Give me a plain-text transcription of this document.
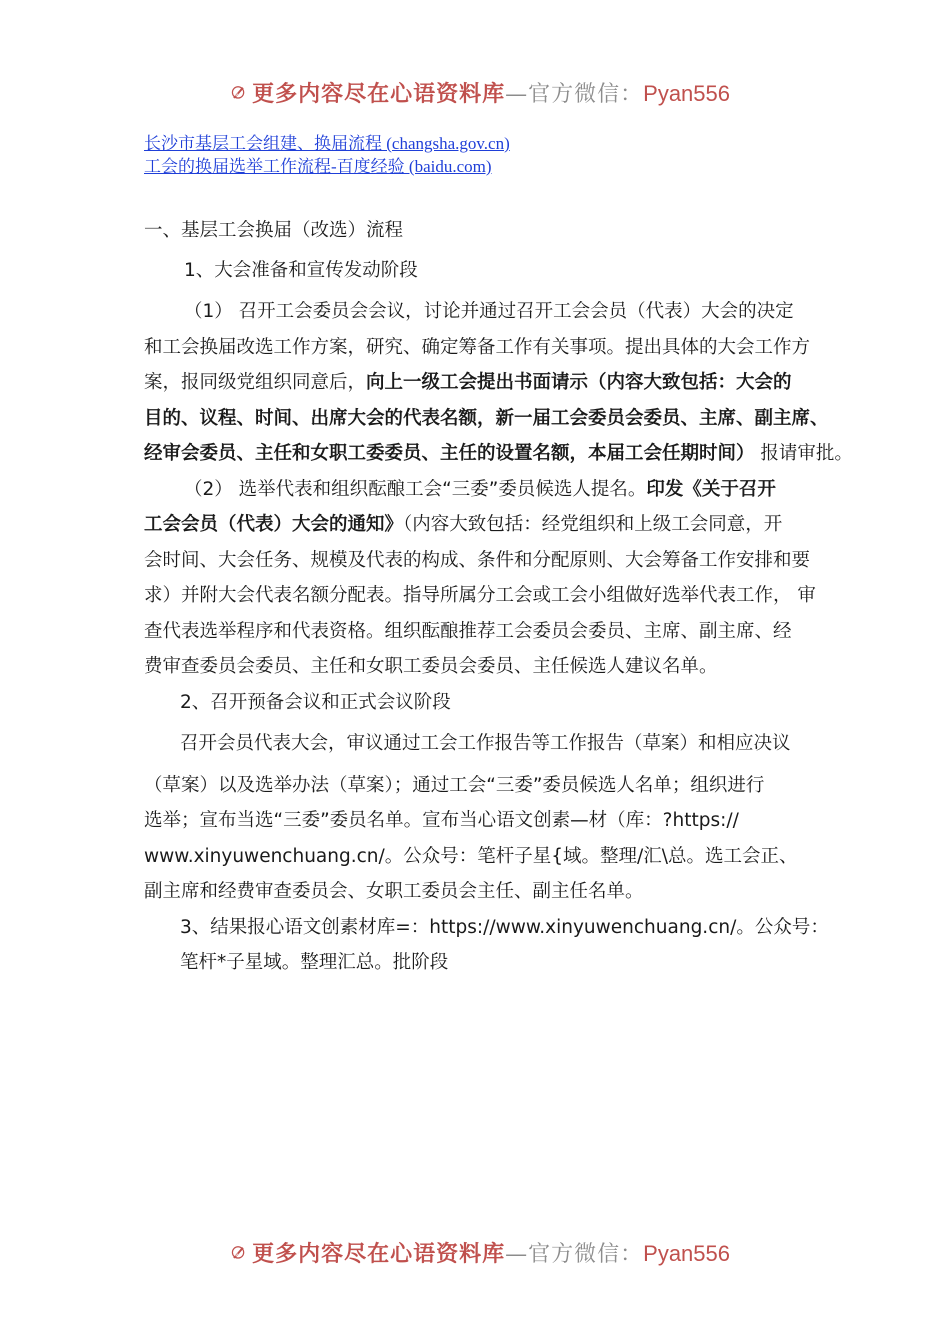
更多内容尽在心语资料库—官方微信：Pyan556
长沙市基层工会组建、换届流程 (changsha.gov.cn)
工会的换届选举工作流程-百度经验 (baidu.com)

一、基层工会换届（改选）流程

1、大会准备和宣传发动阶段

（1） 召开工会委员会会议，讨论并通过召开工会会员（代表）大会的决定

和工会换届改选工作方案，研究、确定筹备工作有关事项。提出具体的大会工作方

案，报同级党组织同意后，向上一级工会提出书面请示（内容大致包括：大会的

目的、议程、时间、出席大会的代表名额，新一届工会委员会委员、主席、副主席、

经审会委员、主任和女职工委委员、主任的设置名额，本届工会任期时间） 报请审批。

（2） 选举代表和组织酝酿工会“三委”委员候选人提名。印发《关于召开

工会会员（代表）大会的通知》（内容大致包括：经党组织和上级工会同意，开

会时间、大会任务、规模及代表的构成、条件和分配原则、大会筹备工作安排和要

求）并附大会代表名额分配表。指导所属分工会或工会小组做好选举代表工作， 审

查代表选举程序和代表资格。组织酝酿推荐工会委员会委员、主席、副主席、经

费审查委员会委员、主任和女职工委员会委员、主任候选人建议名单。

2、召开预备会议和正式会议阶段

召开会员代表大会，审议通过工会工作报告等工作报告（草案）和相应决议

（草案）以及选举办法（草案）；通过工会“三委”委员候选人名单；组织进行

选举；宣布当选“三委”委员名单。宣布当心语文创素—材（库：?https://

www.xinyuwenchuang.cn/。公众号：笔杆子星{域。整理/汇\总。选工会正、

副主席和经费审查委员会、女职工委员会主任、副主任名单。

3、结果报心语文创素材库=：https://www.xinyuwenchuang.cn/。公众号：

笔杆*子星域。整理汇总。批阶段

更多内容尽在心语资料库—官方微信：Pyan556
